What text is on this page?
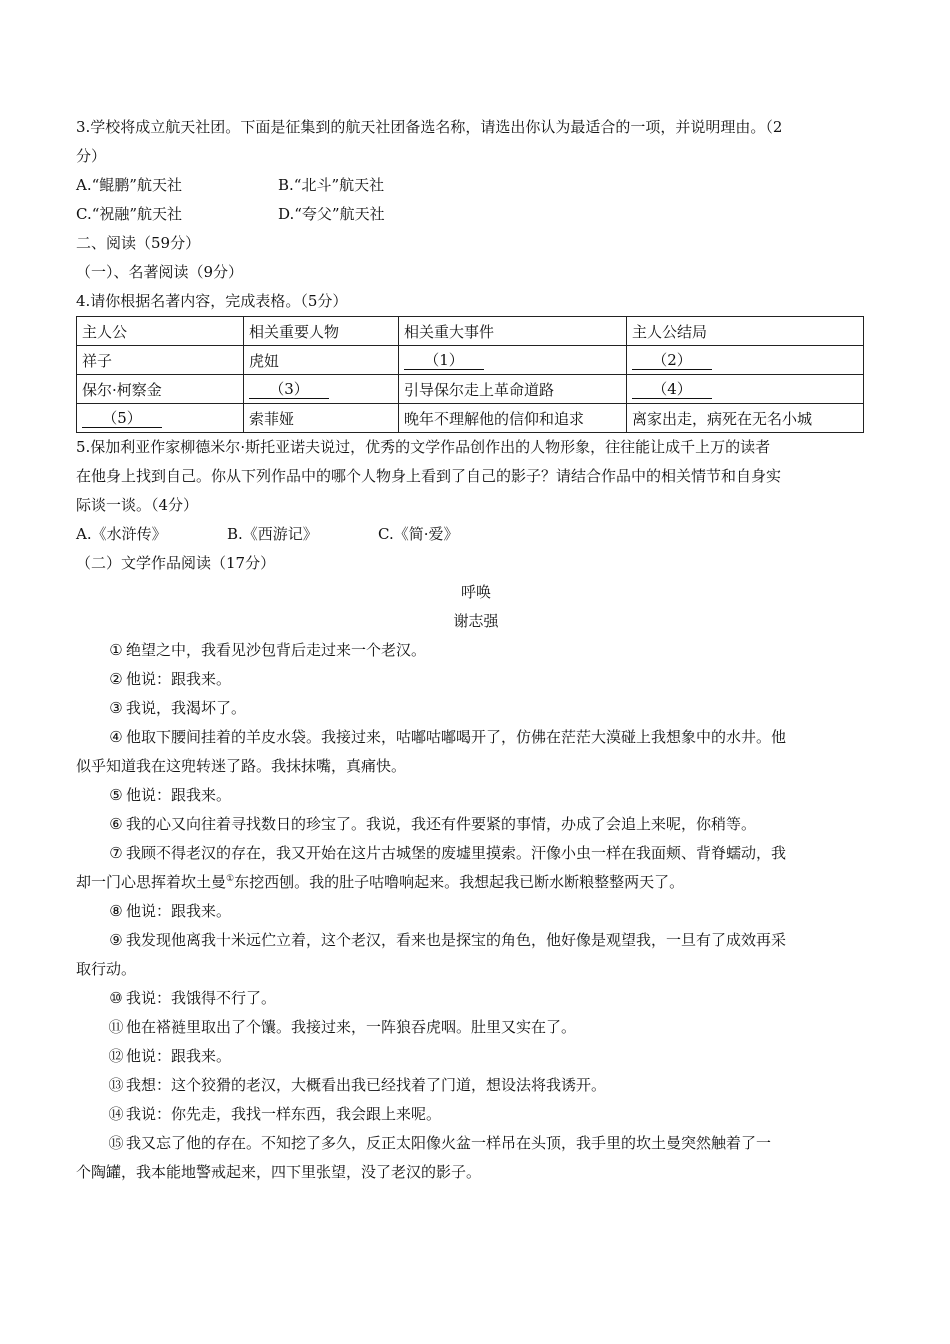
3.学校将成立航天社团。下面是征集到的航天社团备选名称，请选出你认为最适合的一项，并说明理由。（2

分）

A.“鲲鹏”航天社	B.“北斗”航天社
C.“祝融”航天社	D.“夸父”航天社

二、阅读（59分）

（一）、名著阅读（9分）

4.请你根据名著内容，完成表格。（5分）

主人公	相关重要人物	相关重大事件	主人公结局
祥子	虎妞	（1）	（2）
保尔·柯察金	（3）	引导保尔走上革命道路	（4）
（5）	索菲娅	晚年不理解他的信仰和追求	离家出走，病死在无名小城

5.保加利亚作家柳德米尔·斯托亚诺夫说过，优秀的文学作品创作出的人物形象，往往能让成千上万的读者

在他身上找到自己。你从下列作品中的哪个人物身上看到了自己的影子？请结合作品中的相关情节和自身实

际谈一谈。（4分）

A.《水浒传》	B.《西游记》	C.《简·爱》

（二）文学作品阅读（17分）

呼唤

谢志强

① 绝望之中，我看见沙包背后走过来一个老汉。

② 他说：跟我来。

③ 我说，我渴坏了。

④ 他取下腰间挂着的羊皮水袋。我接过来，咕嘟咕嘟喝开了，仿佛在茫茫大漠碰上我想象中的水井。他

似乎知道我在这兜转迷了路。我抹抹嘴，真痛快。

⑤ 他说：跟我来。

⑥ 我的心又向往着寻找数日的珍宝了。我说，我还有件要紧的事情，办成了会追上来呢，你稍等。

⑦ 我顾不得老汉的存在，我又开始在这片古城堡的废墟里摸索。汗像小虫一样在我面颊、背脊蠕动，我

却一门心思挥着坎土曼①东挖西刨。我的肚子咕噜响起来。我想起我已断水断粮整整两天了。

⑧ 他说：跟我来。

⑨ 我发现他离我十米远伫立着，这个老汉，看来也是探宝的角色，他好像是观望我，一旦有了成效再采

取行动。

⑩ 我说：我饿得不行了。

⑪ 他在褡裢里取出了个馕。我接过来，一阵狼吞虎咽。肚里又实在了。

⑫ 他说：跟我来。

⑬ 我想：这个狡猾的老汉，大概看出我已经找着了门道，想设法将我诱开。

⑭ 我说：你先走，我找一样东西，我会跟上来呢。

⑮ 我又忘了他的存在。不知挖了多久，反正太阳像火盆一样吊在头顶，我手里的坎土曼突然触着了一

个陶罐，我本能地警戒起来，四下里张望，没了老汉的影子。
